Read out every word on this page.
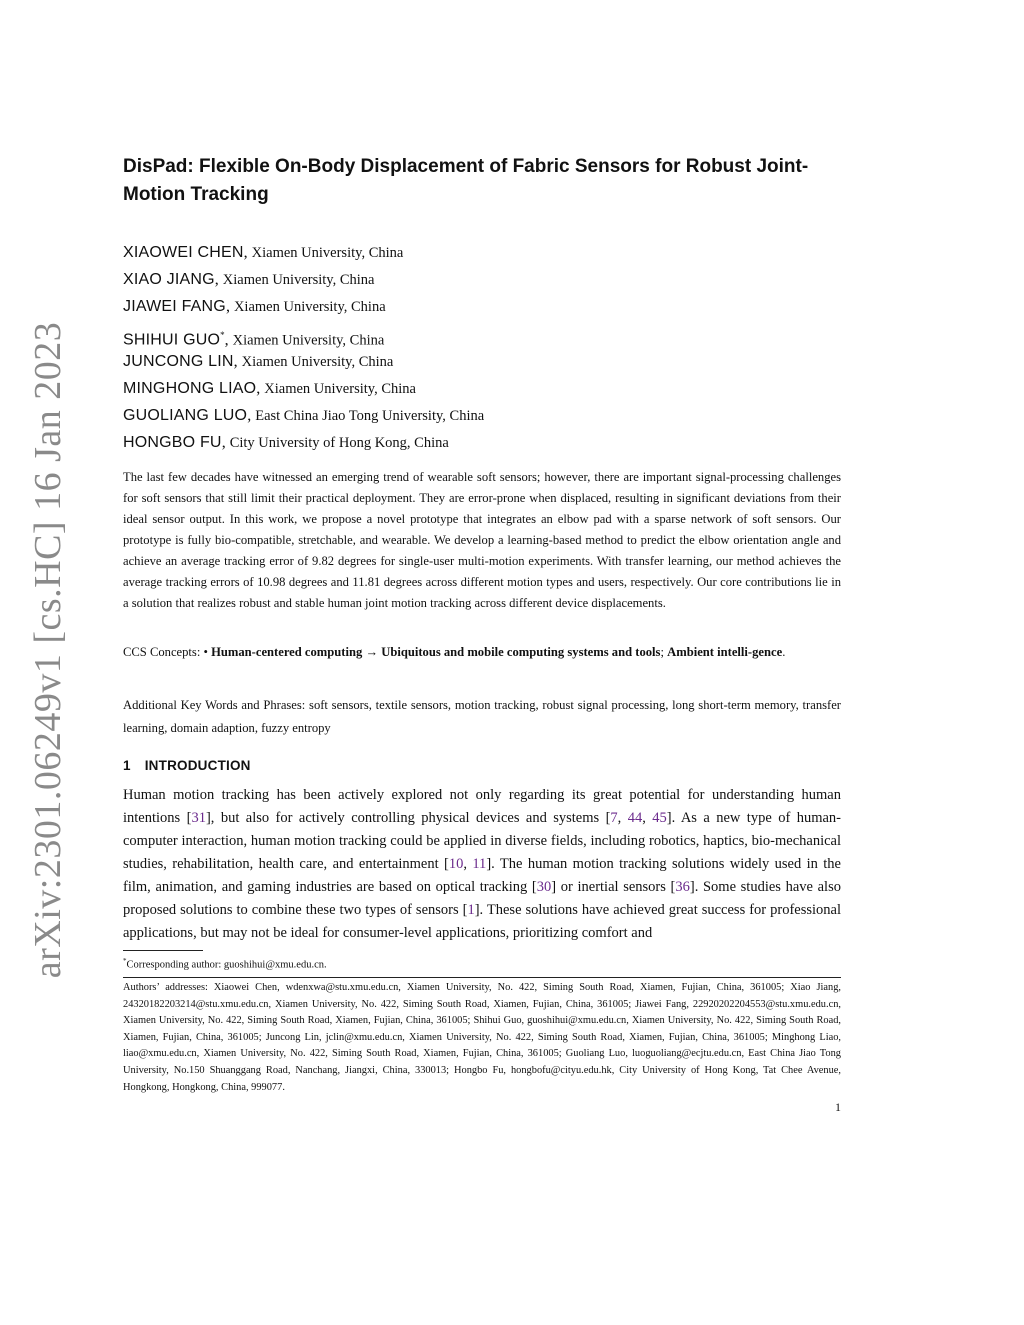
arXiv:2301.06249v1 [cs.HC] 16 Jan 2023
DisPad: Flexible On-Body Displacement of Fabric Sensors for Robust Joint-Motion Tracking
XIAOWEI CHEN, Xiamen University, China
XIAO JIANG, Xiamen University, China
JIAWEI FANG, Xiamen University, China
SHIHUI GUO*, Xiamen University, China
JUNCONG LIN, Xiamen University, China
MINGHONG LIAO, Xiamen University, China
GUOLIANG LUO, East China Jiao Tong University, China
HONGBO FU, City University of Hong Kong, China

The last few decades have witnessed an emerging trend of wearable soft sensors; however, there are important signal-processing challenges for soft sensors that still limit their practical deployment. They are error-prone when displaced, resulting in significant deviations from their ideal sensor output. In this work, we propose a novel prototype that integrates an elbow pad with a sparse network of soft sensors. Our prototype is fully bio-compatible, stretchable, and wearable. We develop a learning-based method to predict the elbow orientation angle and achieve an average tracking error of 9.82 degrees for single-user multi-motion experiments. With transfer learning, our method achieves the average tracking errors of 10.98 degrees and 11.81 degrees across different motion types and users, respectively. Our core contributions lie in a solution that realizes robust and stable human joint motion tracking across different device displacements.

CCS Concepts: • Human-centered computing → Ubiquitous and mobile computing systems and tools; Ambient intelli-gence.

Additional Key Words and Phrases: soft sensors, textile sensors, motion tracking, robust signal processing, long short-term memory, transfer learning, domain adaption, fuzzy entropy

1 INTRODUCTION

Human motion tracking has been actively explored not only regarding its great potential for understanding human intentions [31], but also for actively controlling physical devices and systems [7, 44, 45]. As a new type of human-computer interaction, human motion tracking could be applied in diverse fields, including robotics, haptics, bio-mechanical studies, rehabilitation, health care, and entertainment [10, 11]. The human motion tracking solutions widely used in the film, animation, and gaming industries are based on optical tracking [30] or inertial sensors [36]. Some studies have also proposed solutions to combine these two types of sensors [1]. These solutions have achieved great success for professional applications, but may not be ideal for consumer-level applications, prioritizing comfort and

*Corresponding author: guoshihui@xmu.edu.cn.

Authors’ addresses: Xiaowei Chen, wdenxwa@stu.xmu.edu.cn, Xiamen University, No. 422, Siming South Road, Xiamen, Fujian, China, 361005; Xiao Jiang, 24320182203214@stu.xmu.edu.cn, Xiamen University, No. 422, Siming South Road, Xiamen, Fujian, China, 361005; Jiawei Fang, 22920202204553@stu.xmu.edu.cn, Xiamen University, No. 422, Siming South Road, Xiamen, Fujian, China, 361005; Shihui Guo, guoshihui@xmu.edu.cn, Xiamen University, No. 422, Siming South Road, Xiamen, Fujian, China, 361005; Juncong Lin, jclin@xmu.edu.cn, Xiamen University, No. 422, Siming South Road, Xiamen, Fujian, China, 361005; Minghong Liao, liao@xmu.edu.cn, Xiamen University, No. 422, Siming South Road, Xiamen, Fujian, China, 361005; Guoliang Luo, luoguoliang@ecjtu.edu.cn, East China Jiao Tong University, No.150 Shuanggang Road, Nanchang, Jiangxi, China, 330013; Hongbo Fu, hongbofu@cityu.edu.hk, City University of Hong Kong, Tat Chee Avenue, Hongkong, Hongkong, China, 999077.

1
